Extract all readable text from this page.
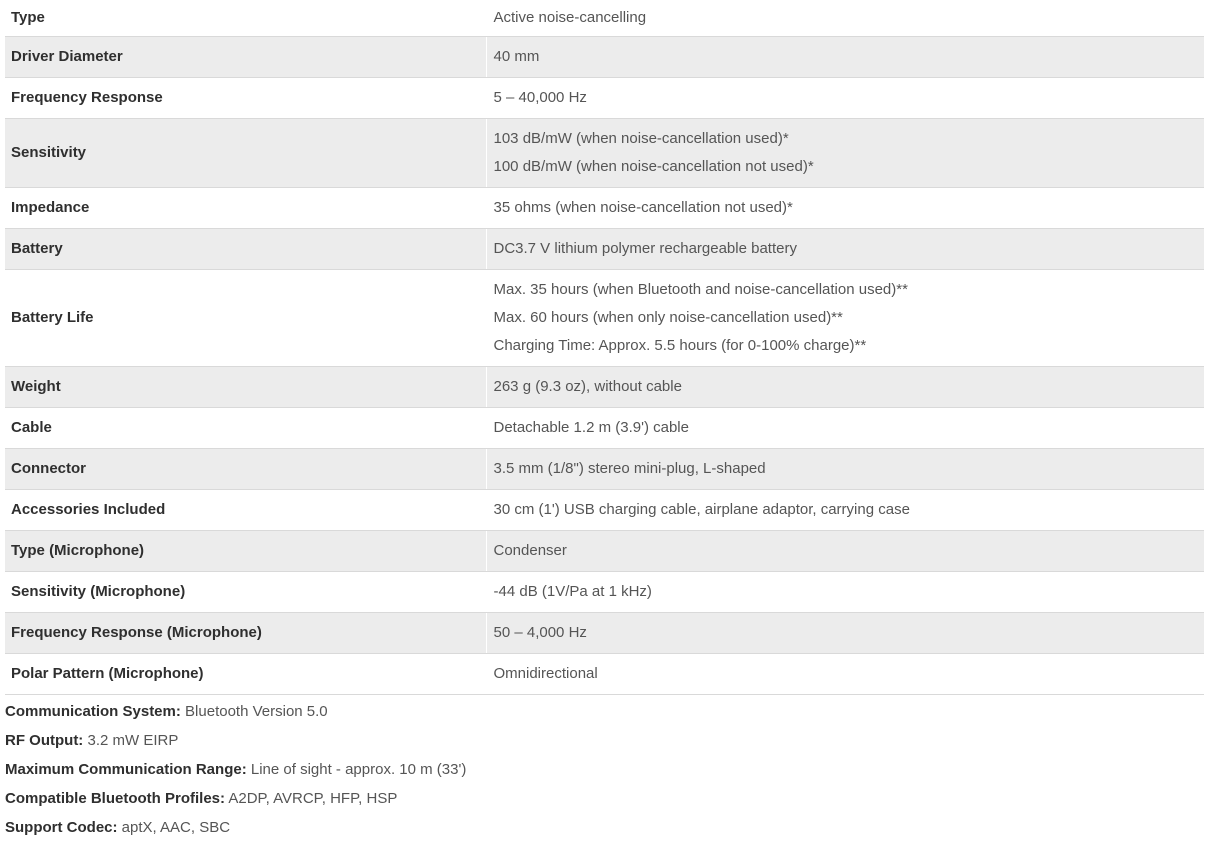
Type	Active noise-cancelling

Driver Diameter	40 mm

Frequency Response	5 – 40,000 Hz

Sensitivity	103 dB/mW (when noise-cancellation used)*
100 dB/mW (when noise-cancellation not used)*

Impedance	35 ohms (when noise-cancellation not used)*

Battery	DC3.7 V lithium polymer rechargeable battery

Battery Life	Max. 35 hours (when Bluetooth and noise-cancellation used)**
Max. 60 hours (when only noise-cancellation used)**
Charging Time: Approx. 5.5 hours (for 0-100% charge)**

Weight	263 g (9.3 oz), without cable

Cable	Detachable 1.2 m (3.9') cable

Connector	3.5 mm (1/8") stereo mini-plug, L-shaped

Accessories Included	30 cm (1') USB charging cable, airplane adaptor, carrying case

Type (Microphone)	Condenser

Sensitivity (Microphone)	-44 dB (1V/Pa at 1 kHz)

Frequency Response (Microphone)	50 – 4,000 Hz

Polar Pattern (Microphone)	Omnidirectional
Communication System: Bluetooth Version 5.0
RF Output: 3.2 mW EIRP
Maximum Communication Range: Line of sight - approx. 10 m (33')
Compatible Bluetooth Profiles: A2DP, AVRCP, HFP, HSP
Support Codec: aptX, AAC, SBC
